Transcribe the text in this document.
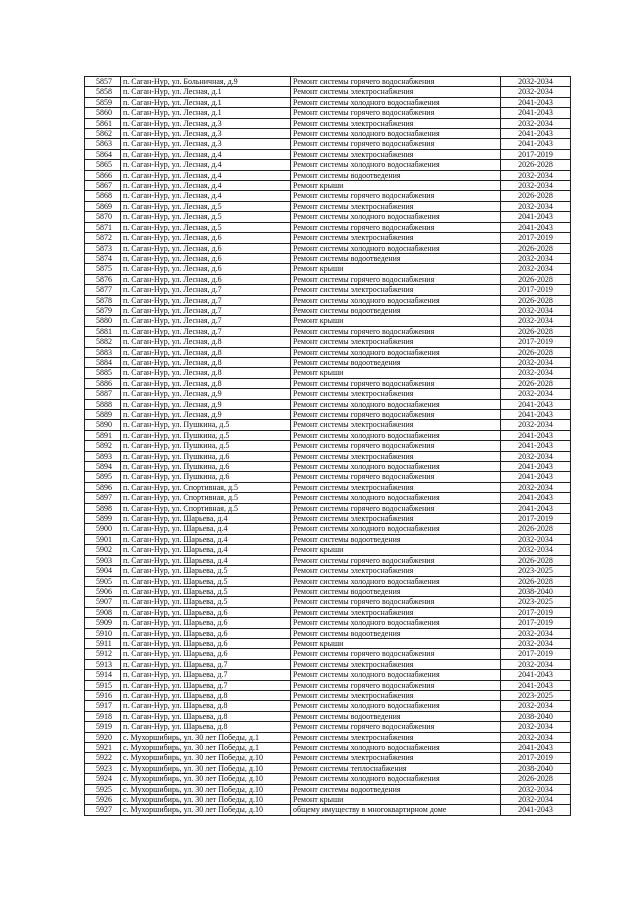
5857	п. Саган-Нур, ул. Больничная, д.9	Ремонт системы горячего водоснабжения	2032-2034
5858	п. Саган-Нур, ул. Лесная, д.1	Ремонт системы электроснабжения	2032-2034
5859	п. Саган-Нур, ул. Лесная, д.1	Ремонт системы холодного водоснабжения	2041-2043
5860	п. Саган-Нур, ул. Лесная, д.1	Ремонт системы горячего водоснабжения	2041-2043
5861	п. Саган-Нур, ул. Лесная, д.3	Ремонт системы электроснабжения	2032-2034
5862	п. Саган-Нур, ул. Лесная, д.3	Ремонт системы холодного водоснабжения	2041-2043
5863	п. Саган-Нур, ул. Лесная, д.3	Ремонт системы горячего водоснабжения	2041-2043
5864	п. Саган-Нур, ул. Лесная, д.4	Ремонт системы электроснабжения	2017-2019
5865	п. Саган-Нур, ул. Лесная, д.4	Ремонт системы холодного водоснабжения	2026-2028
5866	п. Саган-Нур, ул. Лесная, д.4	Ремонт системы водоотведения	2032-2034
5867	п. Саган-Нур, ул. Лесная, д.4	Ремонт крыши	2032-2034
5868	п. Саган-Нур, ул. Лесная, д.4	Ремонт системы горячего водоснабжения	2026-2028
5869	п. Саган-Нур, ул. Лесная, д.5	Ремонт системы электроснабжения	2032-2034
5870	п. Саган-Нур, ул. Лесная, д.5	Ремонт системы холодного водоснабжения	2041-2043
5871	п. Саган-Нур, ул. Лесная, д.5	Ремонт системы горячего водоснабжения	2041-2043
5872	п. Саган-Нур, ул. Лесная, д.6	Ремонт системы электроснабжения	2017-2019
5873	п. Саган-Нур, ул. Лесная, д.6	Ремонт системы холодного водоснабжения	2026-2028
5874	п. Саган-Нур, ул. Лесная, д.6	Ремонт системы водоотведения	2032-2034
5875	п. Саган-Нур, ул. Лесная, д.6	Ремонт крыши	2032-2034
5876	п. Саган-Нур, ул. Лесная, д.6	Ремонт системы горячего водоснабжения	2026-2028
5877	п. Саган-Нур, ул. Лесная, д.7	Ремонт системы электроснабжения	2017-2019
5878	п. Саган-Нур, ул. Лесная, д.7	Ремонт системы холодного водоснабжения	2026-2028
5879	п. Саган-Нур, ул. Лесная, д.7	Ремонт системы водоотведения	2032-2034
5880	п. Саган-Нур, ул. Лесная, д.7	Ремонт крыши	2032-2034
5881	п. Саган-Нур, ул. Лесная, д.7	Ремонт системы горячего водоснабжения	2026-2028
5882	п. Саган-Нур, ул. Лесная, д.8	Ремонт системы электроснабжения	2017-2019
5883	п. Саган-Нур, ул. Лесная, д.8	Ремонт системы холодного водоснабжения	2026-2028
5884	п. Саган-Нур, ул. Лесная, д.8	Ремонт системы водоотведения	2032-2034
5885	п. Саган-Нур, ул. Лесная, д.8	Ремонт крыши	2032-2034
5886	п. Саган-Нур, ул. Лесная, д.8	Ремонт системы горячего водоснабжения	2026-2028
5887	п. Саган-Нур, ул. Лесная, д.9	Ремонт системы электроснабжения	2032-2034
5888	п. Саган-Нур, ул. Лесная, д.9	Ремонт системы холодного водоснабжения	2041-2043
5889	п. Саган-Нур, ул. Лесная, д.9	Ремонт системы горячего водоснабжения	2041-2043
5890	п. Саган-Нур, ул. Пушкина, д.5	Ремонт системы электроснабжения	2032-2034
5891	п. Саган-Нур, ул. Пушкина, д.5	Ремонт системы холодного водоснабжения	2041-2043
5892	п. Саган-Нур, ул. Пушкина, д.5	Ремонт системы горячего водоснабжения	2041-2043
5893	п. Саган-Нур, ул. Пушкина, д.6	Ремонт системы электроснабжения	2032-2034
5894	п. Саган-Нур, ул. Пушкина, д.6	Ремонт системы холодного водоснабжения	2041-2043
5895	п. Саган-Нур, ул. Пушкина, д.6	Ремонт системы горячего водоснабжения	2041-2043
5896	п. Саган-Нур, ул. Спортивная, д.5	Ремонт системы электроснабжения	2032-2034
5897	п. Саган-Нур, ул. Спортивная, д.5	Ремонт системы холодного водоснабжения	2041-2043
5898	п. Саган-Нур, ул. Спортивная, д.5	Ремонт системы горячего водоснабжения	2041-2043
5899	п. Саган-Нур, ул. Шарьева, д.4	Ремонт системы электроснабжения	2017-2019
5900	п. Саган-Нур, ул. Шарьева, д.4	Ремонт системы холодного водоснабжения	2026-2028
5901	п. Саган-Нур, ул. Шарьева, д.4	Ремонт системы водоотведения	2032-2034
5902	п. Саган-Нур, ул. Шарьева, д.4	Ремонт крыши	2032-2034
5903	п. Саган-Нур, ул. Шарьева, д.4	Ремонт системы горячего водоснабжения	2026-2028
5904	п. Саган-Нур, ул. Шарьева, д.5	Ремонт системы электроснабжения	2023-2025
5905	п. Саган-Нур, ул. Шарьева, д.5	Ремонт системы холодного водоснабжения	2026-2028
5906	п. Саган-Нур, ул. Шарьева, д.5	Ремонт системы водоотведения	2038-2040
5907	п. Саган-Нур, ул. Шарьева, д.5	Ремонт системы горячего водоснабжения	2023-2025
5908	п. Саган-Нур, ул. Шарьева, д.6	Ремонт системы электроснабжения	2017-2019
5909	п. Саган-Нур, ул. Шарьева, д.6	Ремонт системы холодного водоснабжения	2017-2019
5910	п. Саган-Нур, ул. Шарьева, д.6	Ремонт системы водоотведения	2032-2034
5911	п. Саган-Нур, ул. Шарьева, д.6	Ремонт крыши	2032-2034
5912	п. Саган-Нур, ул. Шарьева, д.6	Ремонт системы горячего водоснабжения	2017-2019
5913	п. Саган-Нур, ул. Шарьева, д.7	Ремонт системы электроснабжения	2032-2034
5914	п. Саган-Нур, ул. Шарьева, д.7	Ремонт системы холодного водоснабжения	2041-2043
5915	п. Саган-Нур, ул. Шарьева, д.7	Ремонт системы горячего водоснабжения	2041-2043
5916	п. Саган-Нур, ул. Шарьева, д.8	Ремонт системы электроснабжения	2023-2025
5917	п. Саган-Нур, ул. Шарьева, д.8	Ремонт системы холодного водоснабжения	2032-2034
5918	п. Саган-Нур, ул. Шарьева, д.8	Ремонт системы водоотведения	2038-2040
5919	п. Саган-Нур, ул. Шарьева, д.8	Ремонт системы горячего водоснабжения	2032-2034
5920	с. Мухоршибирь, ул. 30 лет Победы, д.1	Ремонт системы электроснабжения	2032-2034
5921	с. Мухоршибирь, ул. 30 лет Победы, д.1	Ремонт системы холодного водоснабжения	2041-2043
5922	с. Мухоршибирь, ул. 30 лет Победы, д.10	Ремонт системы электроснабжения	2017-2019
5923	с. Мухоршибирь, ул. 30 лет Победы, д.10	Ремонт системы теплоснабжения	2038-2040
5924	с. Мухоршибирь, ул. 30 лет Победы, д.10	Ремонт системы холодного водоснабжения	2026-2028
5925	с. Мухоршибирь, ул. 30 лет Победы, д.10	Ремонт системы водоотведения	2032-2034
5926	с. Мухоршибирь, ул. 30 лет Победы, д.10	Ремонт крыши	2032-2034
5927	с. Мухоршибирь, ул. 30 лет Победы, д.10	общему имуществу в многоквартирном доме	2041-2043
